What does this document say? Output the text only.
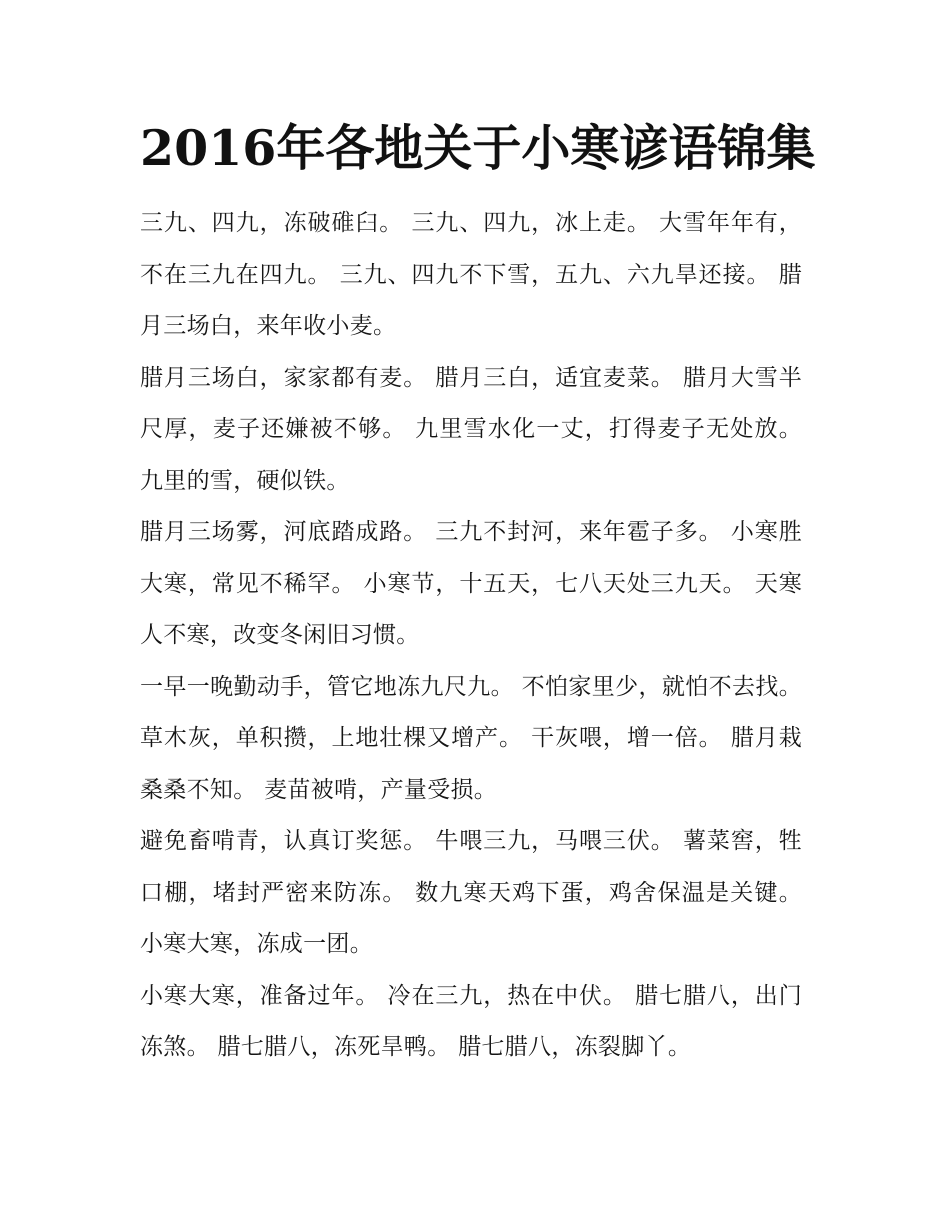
2016年各地关于小寒谚语锦集

三九、四九，冻破碓臼。 三九、四九，冰上走。 大雪年年有，不在三九在四九。 三九、四九不下雪，五九、六九旱还接。 腊月三场白，来年收小麦。

腊月三场白，家家都有麦。 腊月三白，适宜麦菜。 腊月大雪半尺厚，麦子还嫌被不够。 九里雪水化一丈，打得麦子无处放。 九里的雪，硬似铁。

腊月三场雾，河底踏成路。 三九不封河，来年雹子多。 小寒胜大寒，常见不稀罕。 小寒节，十五天，七八天处三九天。 天寒人不寒，改变冬闲旧习惯。

一早一晚勤动手，管它地冻九尺九。 不怕家里少，就怕不去找。 草木灰，单积攒，上地壮棵又增产。 干灰喂，增一倍。 腊月栽桑桑不知。 麦苗被啃，产量受损。

避免畜啃青，认真订奖惩。 牛喂三九，马喂三伏。 薯菜窖，牲口棚，堵封严密来防冻。 数九寒天鸡下蛋，鸡舍保温是关键。 小寒大寒，冻成一团。

小寒大寒，准备过年。 冷在三九，热在中伏。 腊七腊八，出门冻煞。 腊七腊八，冻死旱鸭。 腊七腊八，冻裂脚丫。
